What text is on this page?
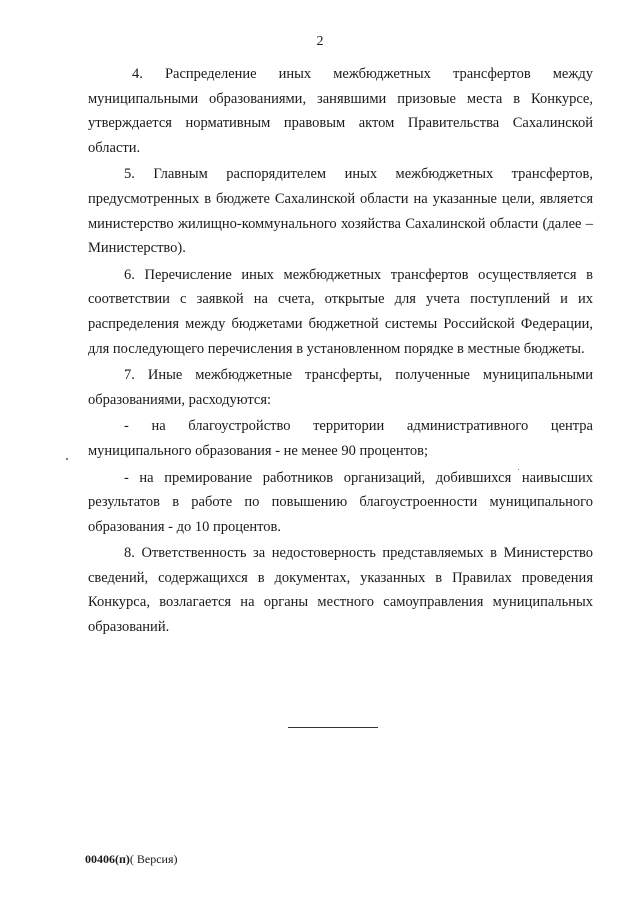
2

4. Распределение иных межбюджетных трансфертов между муниципальными образованиями, занявшими призовые места в Конкурсе, утверждается нормативным правовым актом Правительства Сахалинской области.

5. Главным распорядителем иных межбюджетных трансфертов, предусмотренных в бюджете Сахалинской области на указанные цели, является министерство жилищно-коммунального хозяйства Сахалинской области (далее – Министерство).

6. Перечисление иных межбюджетных трансфертов осуществляется в соответствии с заявкой на счета, открытые для учета поступлений и их распределения между бюджетами бюджетной системы Российской Федерации, для последующего перечисления в установленном порядке в местные бюджеты.

7. Иные межбюджетные трансферты, полученные муниципальными образованиями, расходуются:

- на благоустройство территории административного центра муниципального образования - не менее 90 процентов;

- на премирование работников организаций, добившихся наивысших результатов в работе по повышению благоустроенности муниципального образования - до 10 процентов.

8. Ответственность за недостоверность представляемых в Министерство сведений, содержащихся в документах, указанных в Правилах проведения Конкурса, возлагается на органы местного самоуправления муниципальных образований.

00406(п)( Версия)
